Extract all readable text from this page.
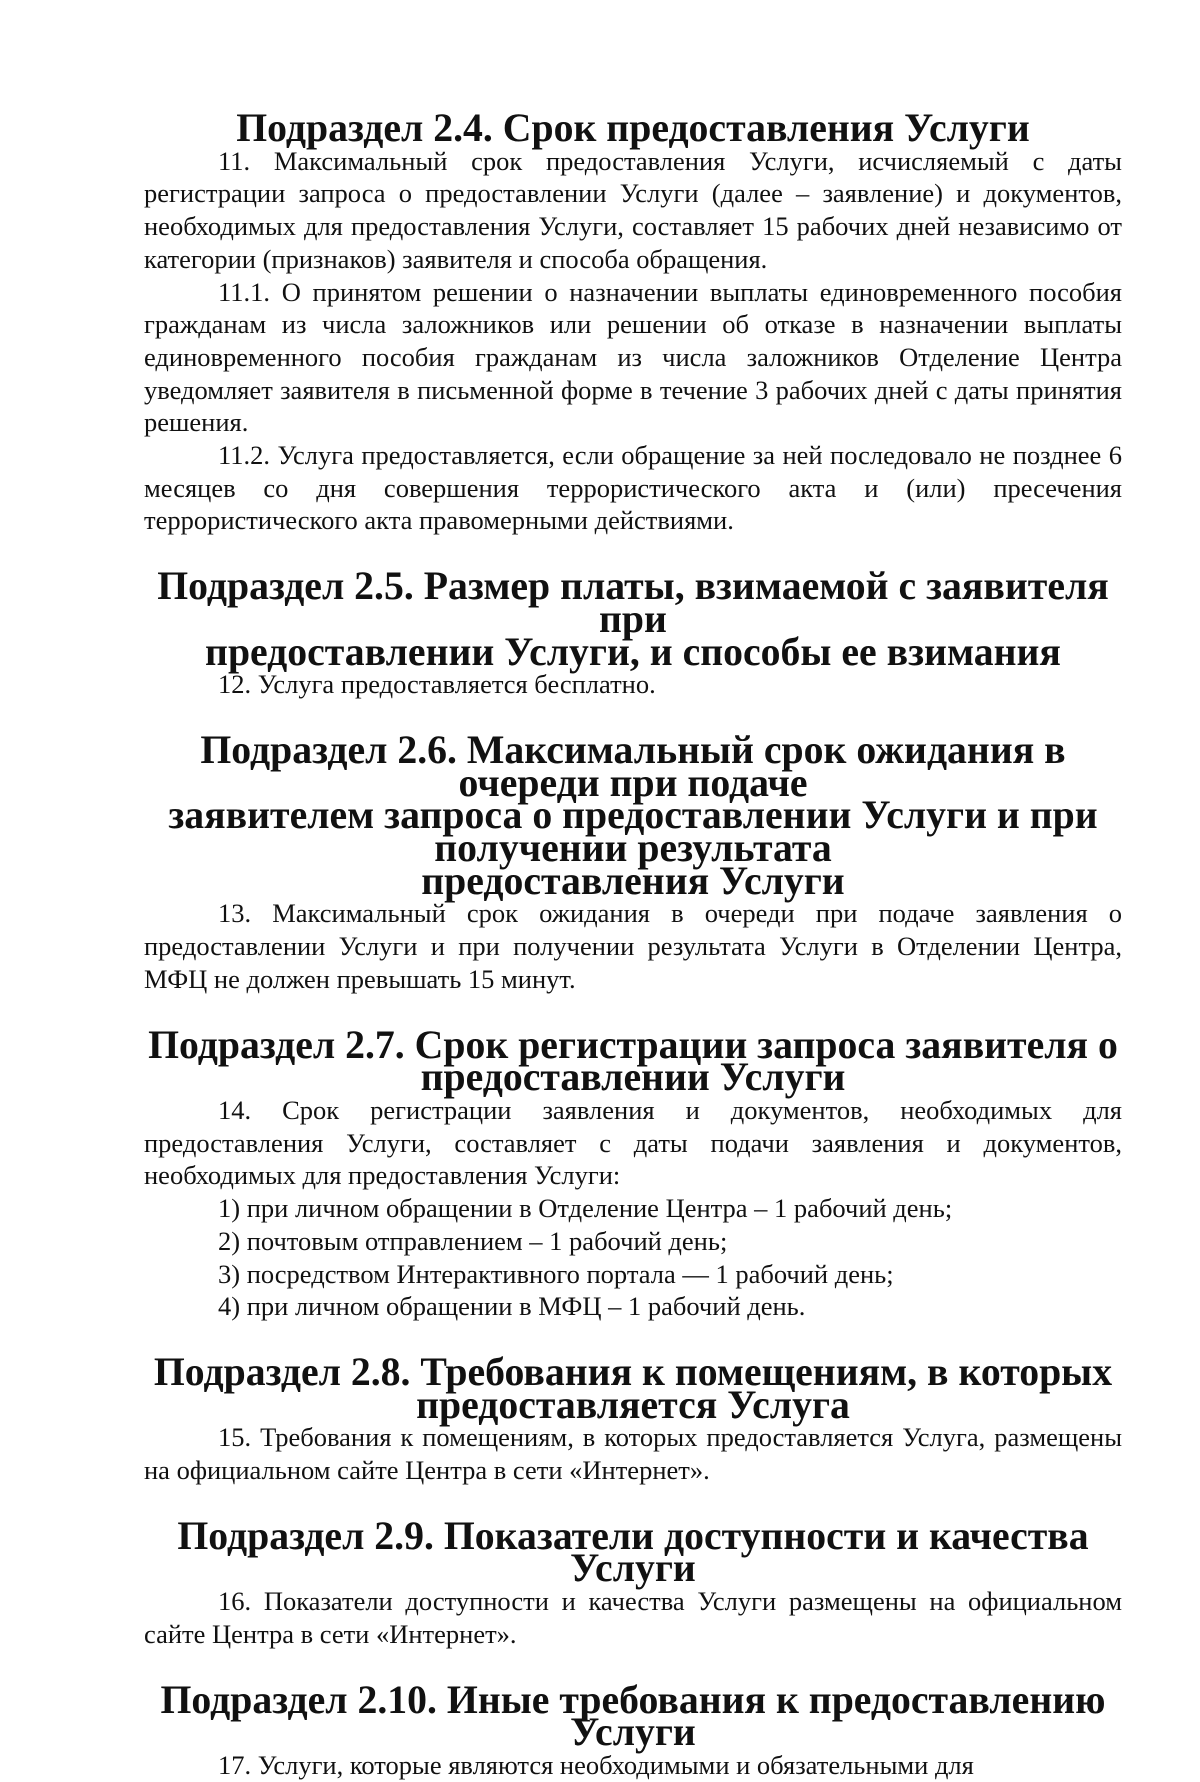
Подраздел 2.4. Срок предоставления Услуги

11. Максимальный срок предоставления Услуги, исчисляемый с даты регистрации запроса о предоставлении Услуги (далее – заявление) и документов, необходимых для предоставления Услуги, составляет 15 рабочих дней независимо от категории (признаков) заявителя и способа обращения.

11.1. О принятом решении о назначении выплаты единовременного пособия гражданам из числа заложников или решении об отказе в назначении выплаты единовременного пособия гражданам из числа заложников Отделение Центра уведомляет заявителя в письменной форме в течение 3 рабочих дней с даты принятия решения.

11.2. Услуга предоставляется, если обращение за ней последовало не позднее 6 месяцев со дня совершения террористического акта и (или) пресечения террористического акта правомерными действиями.

Подраздел 2.5. Размер платы, взимаемой с заявителя при
предоставлении Услуги, и способы ее взимания

12. Услуга предоставляется бесплатно.

Подраздел 2.6. Максимальный срок ожидания в очереди при подаче
заявителем запроса о предоставлении Услуги и при получении результата
предоставления Услуги

13. Максимальный срок ожидания в очереди при подаче заявления о предоставлении Услуги и при получении результата Услуги в Отделении Центра, МФЦ не должен превышать 15 минут.

Подраздел 2.7. Срок регистрации запроса заявителя о
предоставлении Услуги

14. Срок регистрации заявления и документов, необходимых для предоставления Услуги, составляет с даты подачи заявления и документов, необходимых для предоставления Услуги:

1) при личном обращении в Отделение Центра – 1 рабочий день;

2) почтовым отправлением – 1 рабочий день;

3) посредством Интерактивного портала — 1 рабочий день;

4) при личном обращении в МФЦ – 1 рабочий день.

Подраздел 2.8. Требования к помещениям, в которых
предоставляется Услуга

15. Требования к помещениям, в которых предоставляется Услуга, размещены на официальном сайте Центра в сети «Интернет».

Подраздел 2.9. Показатели доступности и качества Услуги

16. Показатели доступности и качества Услуги размещены на официальном сайте Центра в сети «Интернет».

Подраздел 2.10. Иные требования к предоставлению Услуги

17. Услуги, которые являются необходимыми и обязательными для
